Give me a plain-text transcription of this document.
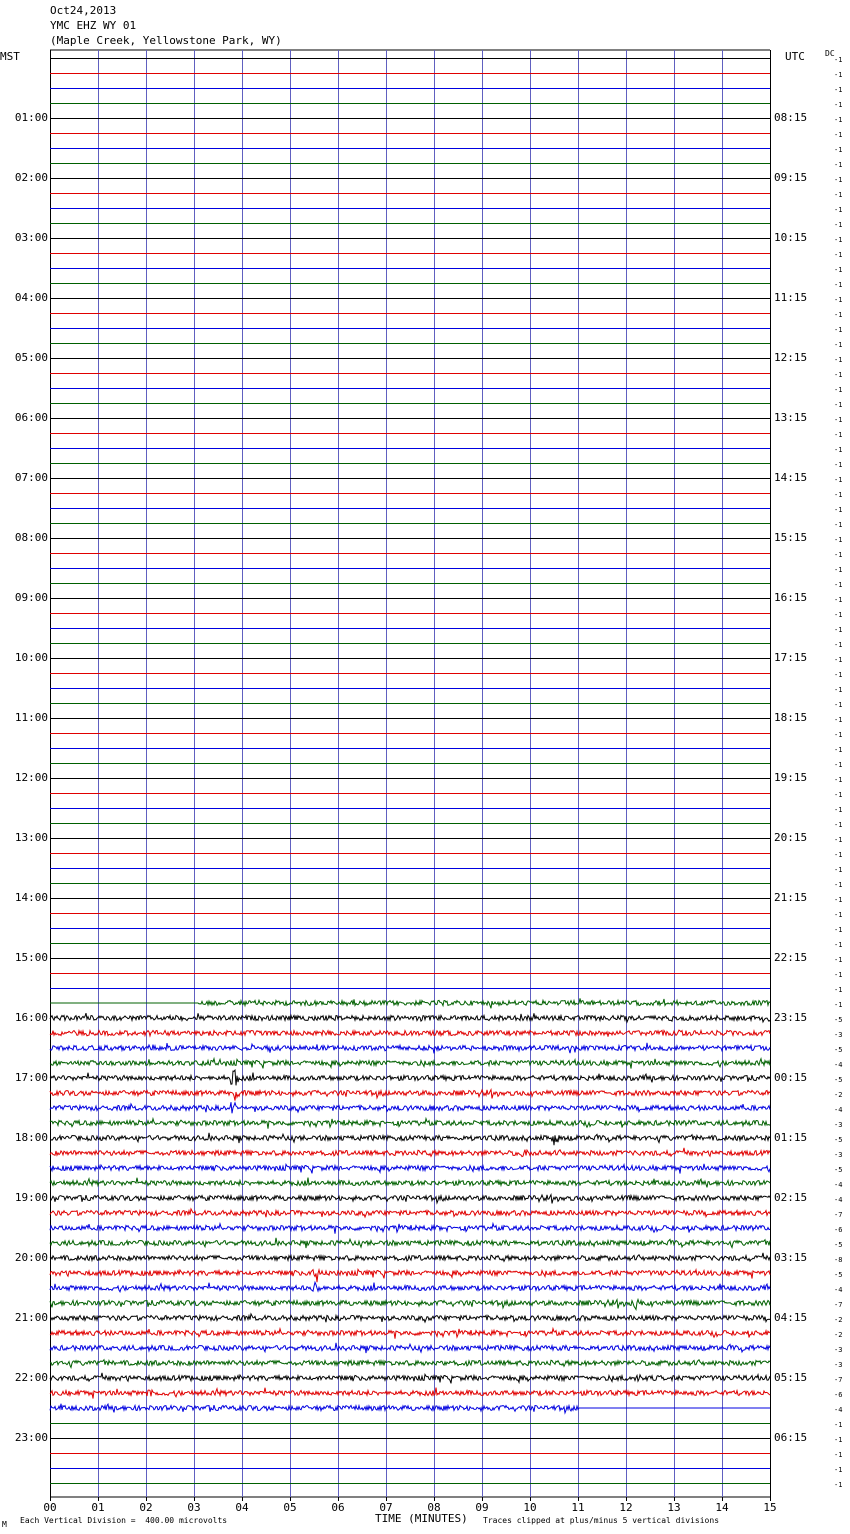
Oct24,2013
YMC EHZ WY 01
(Maple Creek, Yellowstone Park, WY)
MST	UTC	DC
01:00
02:00
03:00
04:00
05:00
06:00
07:00
08:00
09:00
10:00
11:00
12:00
13:00
14:00
15:00
16:00
17:00
18:00
19:00
20:00
21:00
22:00
23:00
08:15
09:15
10:15
11:15
12:15
13:15
14:15
15:15
16:15
17:15
18:15
19:15
20:15
21:15
22:15
23:15
00:15
01:15
02:15
03:15
04:15
05:15
06:15
-1
-1
-1
-1
-1
-1
-1
-1
-1
-1
-1
-1
-1
-1
-1
-1
-1
-1
-1
-1
-1
-1
-1
-1
-1
-1
-1
-1
-1
-1
-1
-1
-1
-1
-1
-1
-1
-1
-1
-1
-1
-1
-1
-1
-1
-1
-1
-1
-1
-1
-1
-1
-1
-1
-1
-1
-1
-1
-1
-1
-1
-1
-1
-1
-5
-3
-5
-4
-5
-2
-4
-3
-5
-3
-5
-4
-4
-7
-6
-5
-8
-5
-4
-7
-2
-2
-3
-3
-7
-6
-4
-1
-1
-1
-1
-1
00	01	02	03	04	05	06	07	08	09	10	11	12	13	14	15
TIME (MINUTES)
Each Vertical Division =  400.00 microvolts	Traces clipped at plus/minus 5 vertical divisions
M
